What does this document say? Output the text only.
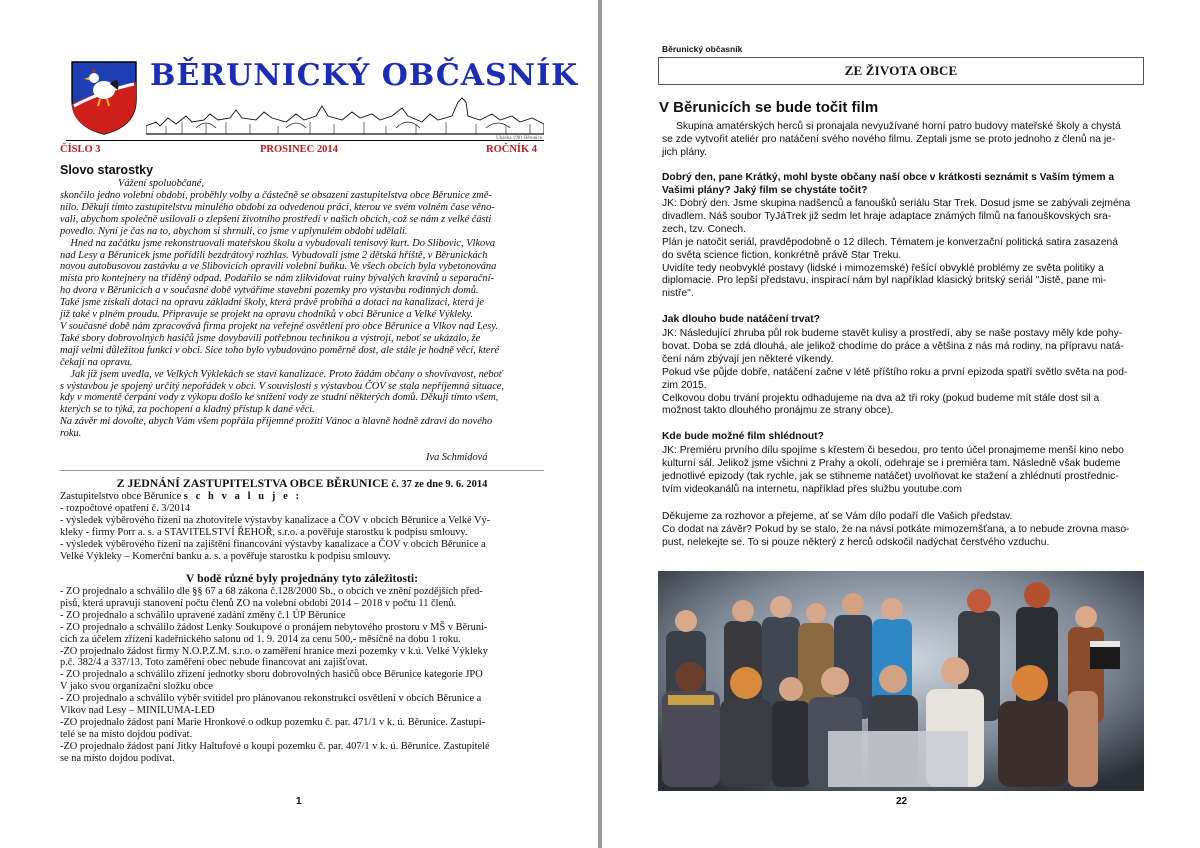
BĚRUNICKÝ OBČASNÍK
Ukázka 1981 Běrunice
ČÍSLO 3	PROSINEC 2014	ROČNÍK 4
Slovo starostky
Vážení spoluobčané,

skončilo jedno volební období, proběhly volby a částečně se obsazení zastupitelstva obce Běrunice změ-

nilo. Děkuji tímto zastupitelstvu minulého období za odvedenou práci, kterou ve svém volném čase věno-

vali, abychom společně usilovali o zlepšení životního prostředí v našich obcích, což se nám z velké části

povedlo. Nyní je čas na to, abychom si shrnuli, co jsme v uplynulém období udělali.

Hned na začátku jsme rekonstruovali mateřskou školu a vybudovali tenisový kurt. Do Slibovic, Vlkova

nad Lesy a Běrunicek jsme pořídili bezdrátový rozhlas. Vybudovali jsme 2 dětská hřiště, v Běrunickách

novou autobusovou zastávku a ve Slibovicích opravili volební buňku. Ve všech obcích byla vybetonována

místa pro kontejnery na tříděný odpad. Podařilo se nám zlikvidovat ruiny bývalých kravínů u separační-

ho dvora v Běrunicích a v současné době vytváříme stavební pozemky pro výstavbu rodinných domů.

Také jsme získali dotaci na opravu základní školy, která právě probíhá a dotaci na kanalizaci, která je

již také v plném proudu. Připravuje se projekt na opravu chodníků v obci Běrunice a Velké Výkleky.

V současné době nám zpracovává firma projekt na veřejné osvětlení pro obce Běrunice a Vlkov nad Lesy.

Také sbory dobrovolných hasičů jsme dovybavili potřebnou technikou a výstrojí, neboť se ukázalo, že

mají velmi důležitou funkci v obci. Sice toho bylo vybudováno poměrně dost, ale stále je hodně věcí, které

čekají na opravu.

Jak již jsem uvedla, ve Velkých Výklekách se staví kanalizace. Proto žádám občany o shovívavost, neboť

s výstavbou je spojený určitý nepořádek v obci. V souvislosti s výstavbou ČOV se stala nepříjemná situace,

kdy v momentě čerpání vody z výkopu došlo ke snížení vody ze studní některých domů. Děkuji tímto všem,

kterých se to týká, za pochopení a kladný přístup k dané věci.

Na závěr mi dovolte, abych Vám všem popřála příjemné prožití Vánoc a hlavně hodně zdraví do nového

roku.

Iva Schmidová
Z JEDNÁNÍ ZASTUPITELSTVA OBCE BĚRUNICE č. 37 ze dne 9. 6. 2014

Zastupitelstvo obce Běrunice s c h v a l u j e :

- rozpočtové opatření č. 3/2014

- výsledek výběrového řízení na zhotovitele výstavby kanalizace a ČOV v obcích Běrunice a Velké Vý-

kleky - firmy Porr a. s. a STAVITELSTVÍ ŘEHOŘ, s.r.o. a pověřuje starostku k podpisu smlouvy.

- výsledek výběrového řízení na zajištění financování výstavby kanalizace a ČOV v obcích Běrunice a

Velké Výkleky – Komerční banku a. s. a pověřuje starostku k podpisu smlouvy.

V bodě různé byly projednány tyto záležitosti:

- ZO projednalo a schválilo dle §§ 67 a 68 zákona č.128/2000 Sb., o obcích ve znění pozdějších před-

pisů, která upravují stanovení počtu členů ZO na volební období 2014 – 2018 v počtu 11 členů.

- ZO projednalo a schválilo upravené zadání změny č.1 ÚP Běrunice

- ZO projednalo a schválilo žádost Lenky Soukupové o pronájem nebytového prostoru v MŠ v Běruni-

cích za účelem zřízení kadeřnického salonu od 1. 9. 2014 za cenu 500,- měsíčně na dobu 1 roku.

-ZO projednalo žádost firmy N.O.P.Z.M. s.r.o. o zaměření hranice mezi pozemky v k.ú. Velké Výkleky

p.č. 382/4 a 337/13. Toto zaměření obec nebude financovat ani zajišťovat.

- ZO projednalo a schválilo zřízení jednotky sboru dobrovolných hasičů obce Běrunice kategorie JPO

V jako svou organizační složku obce

- ZO projednalo a schválilo výběr svítidel pro plánovanou rekonstrukci osvětlení v obcích Běrunice a

Vlkov nad Lesy – MINILUMA-LED

-ZO projednalo žádost paní Marie Hronkové o odkup pozemku č. par. 471/1 v k. ú. Běrunice. Zastupi-

telé se na místo dojdou podívat.

-ZO projednalo žádost paní Jitky Haltufové o koupi pozemku č. par. 407/1 v k. ú. Běrunice. Zastupitelé

se na místo dojdou podívat.

1
Běrunický občasník
ZE ŽIVOTA OBCE
V Běrunicích se bude točit film

Skupina amatérských herců si pronajala nevyužívané horní patro budovy mateřské školy a chystá

se zde vytvořit ateliér pro natáčení svého nového filmu. Zeptali jsme se proto jednoho z členů na je-

jich plány.

Dobrý den, pane Krátký, mohl byste občany naší obce v krátkosti seznámit s Vaším týmem a

Vašimi plány? Jaký film se chystáte točit?

JK: Dobrý den. Jsme skupina nadšenců a fanoušků seriálu Star Trek. Dosud jsme se zabývali zejména

divadlem. Náš soubor TyJáTrek již sedm let hraje adaptace známých filmů na fanouškovských sra-

zech, tzv. Conech.

Plán je natočit seriál, pravděpodobně o 12 dílech. Tématem je konverzační politická satira zasazená

do světa science fiction, konkrétně právě Star Treku.

Uvidíte tedy neobvyklé postavy (lidské i mimozemské) řešící obvyklé problémy ze světa politiky a

diplomacie. Pro lepší představu, inspirací nám byl například klasický britský seriál "Jistě, pane mi-

nistře".

Jak dlouho bude natáčení trvat?

JK: Následující zhruba půl rok budeme stavět kulisy a prostředí, aby se naše postavy měly kde pohy-

bovat. Doba se zdá dlouhá, ale jelikož chodíme do práce a většina z nás má rodiny, na přípravu natá-

čení nám zbývají jen některé víkendy.

Pokud vše půjde dobře, natáčení začne v létě příštího roku a první epizoda spatří světlo světa na pod-

zim 2015.

Celkovou dobu trvání projektu odhadujeme na dva až tři roky (pokud budeme mít stále dost sil a

možnost takto dlouhého pronájmu ze strany obce).

Kde bude možné film shlédnout?

JK: Premiéru prvního dílu spojíme s křestem či besedou, pro tento účel pronajmeme menší kino nebo

kulturní sál. Jelikož jsme všichni z Prahy a okolí, odehraje se i premiéra tam. Následně však budeme

jednotlivé epizody (tak rychle, jak se stihneme natáčet) uvolňovat ke stažení a zhlédnutí prostřednic-

tvím videokanálů na internetu, například přes službu youtube.com

Děkujeme za rozhovor a přejeme, ať se Vám dílo podaří dle Vašich představ.

Co dodat na závěr? Pokud by se stalo, že na návsi potkáte mimozemšťana, a to nebude zrovna maso-

pust, nelekejte se. To si pouze některý z herců odskočil nadýchat čerstvého vzduchu.

22
